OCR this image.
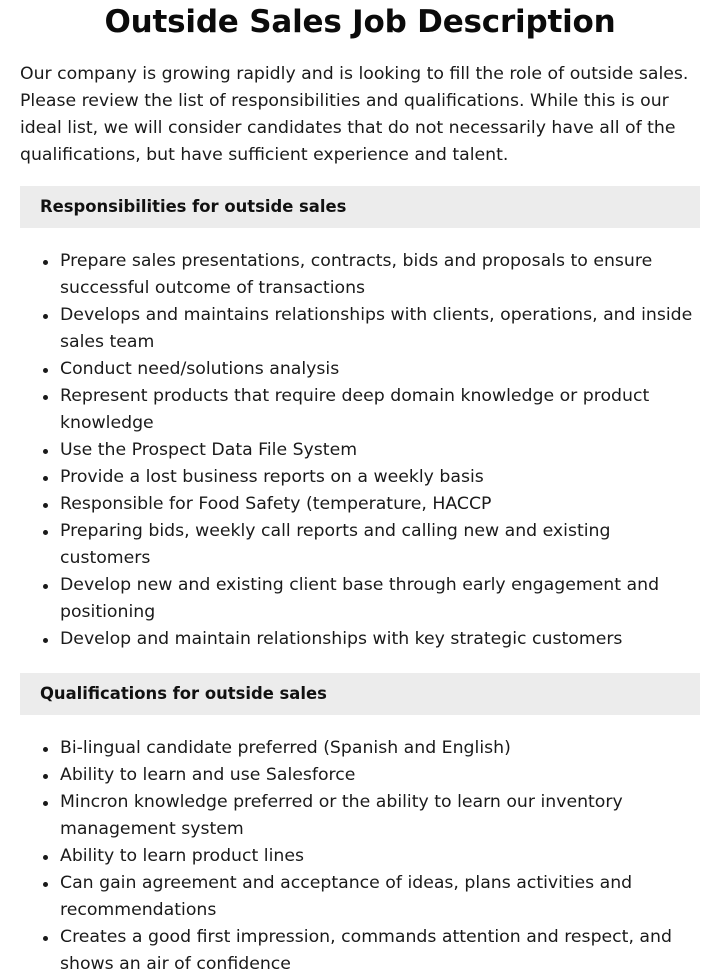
Outside Sales Job Description

Our company is growing rapidly and is looking to fill the role of outside sales. Please review the list of responsibilities and qualifications. While this is our ideal list, we will consider candidates that do not necessarily have all of the qualifications, but have sufficient experience and talent.

Responsibilities for outside sales
Prepare sales presentations, contracts, bids and proposals to ensure successful outcome of transactions
Develops and maintains relationships with clients, operations, and inside sales team
Conduct need/solutions analysis
Represent products that require deep domain knowledge or product knowledge
Use the Prospect Data File System
Provide a lost business reports on a weekly basis
Responsible for Food Safety (temperature, HACCP
Preparing bids, weekly call reports and calling new and existing customers
Develop new and existing client base through early engagement and positioning
Develop and maintain relationships with key strategic customers
Qualifications for outside sales
Bi-lingual candidate preferred (Spanish and English)
Ability to learn and use Salesforce
Mincron knowledge preferred or the ability to learn our inventory management system
Ability to learn product lines
Can gain agreement and acceptance of ideas, plans activities and recommendations
Creates a good first impression, commands attention and respect, and shows an air of confidence
